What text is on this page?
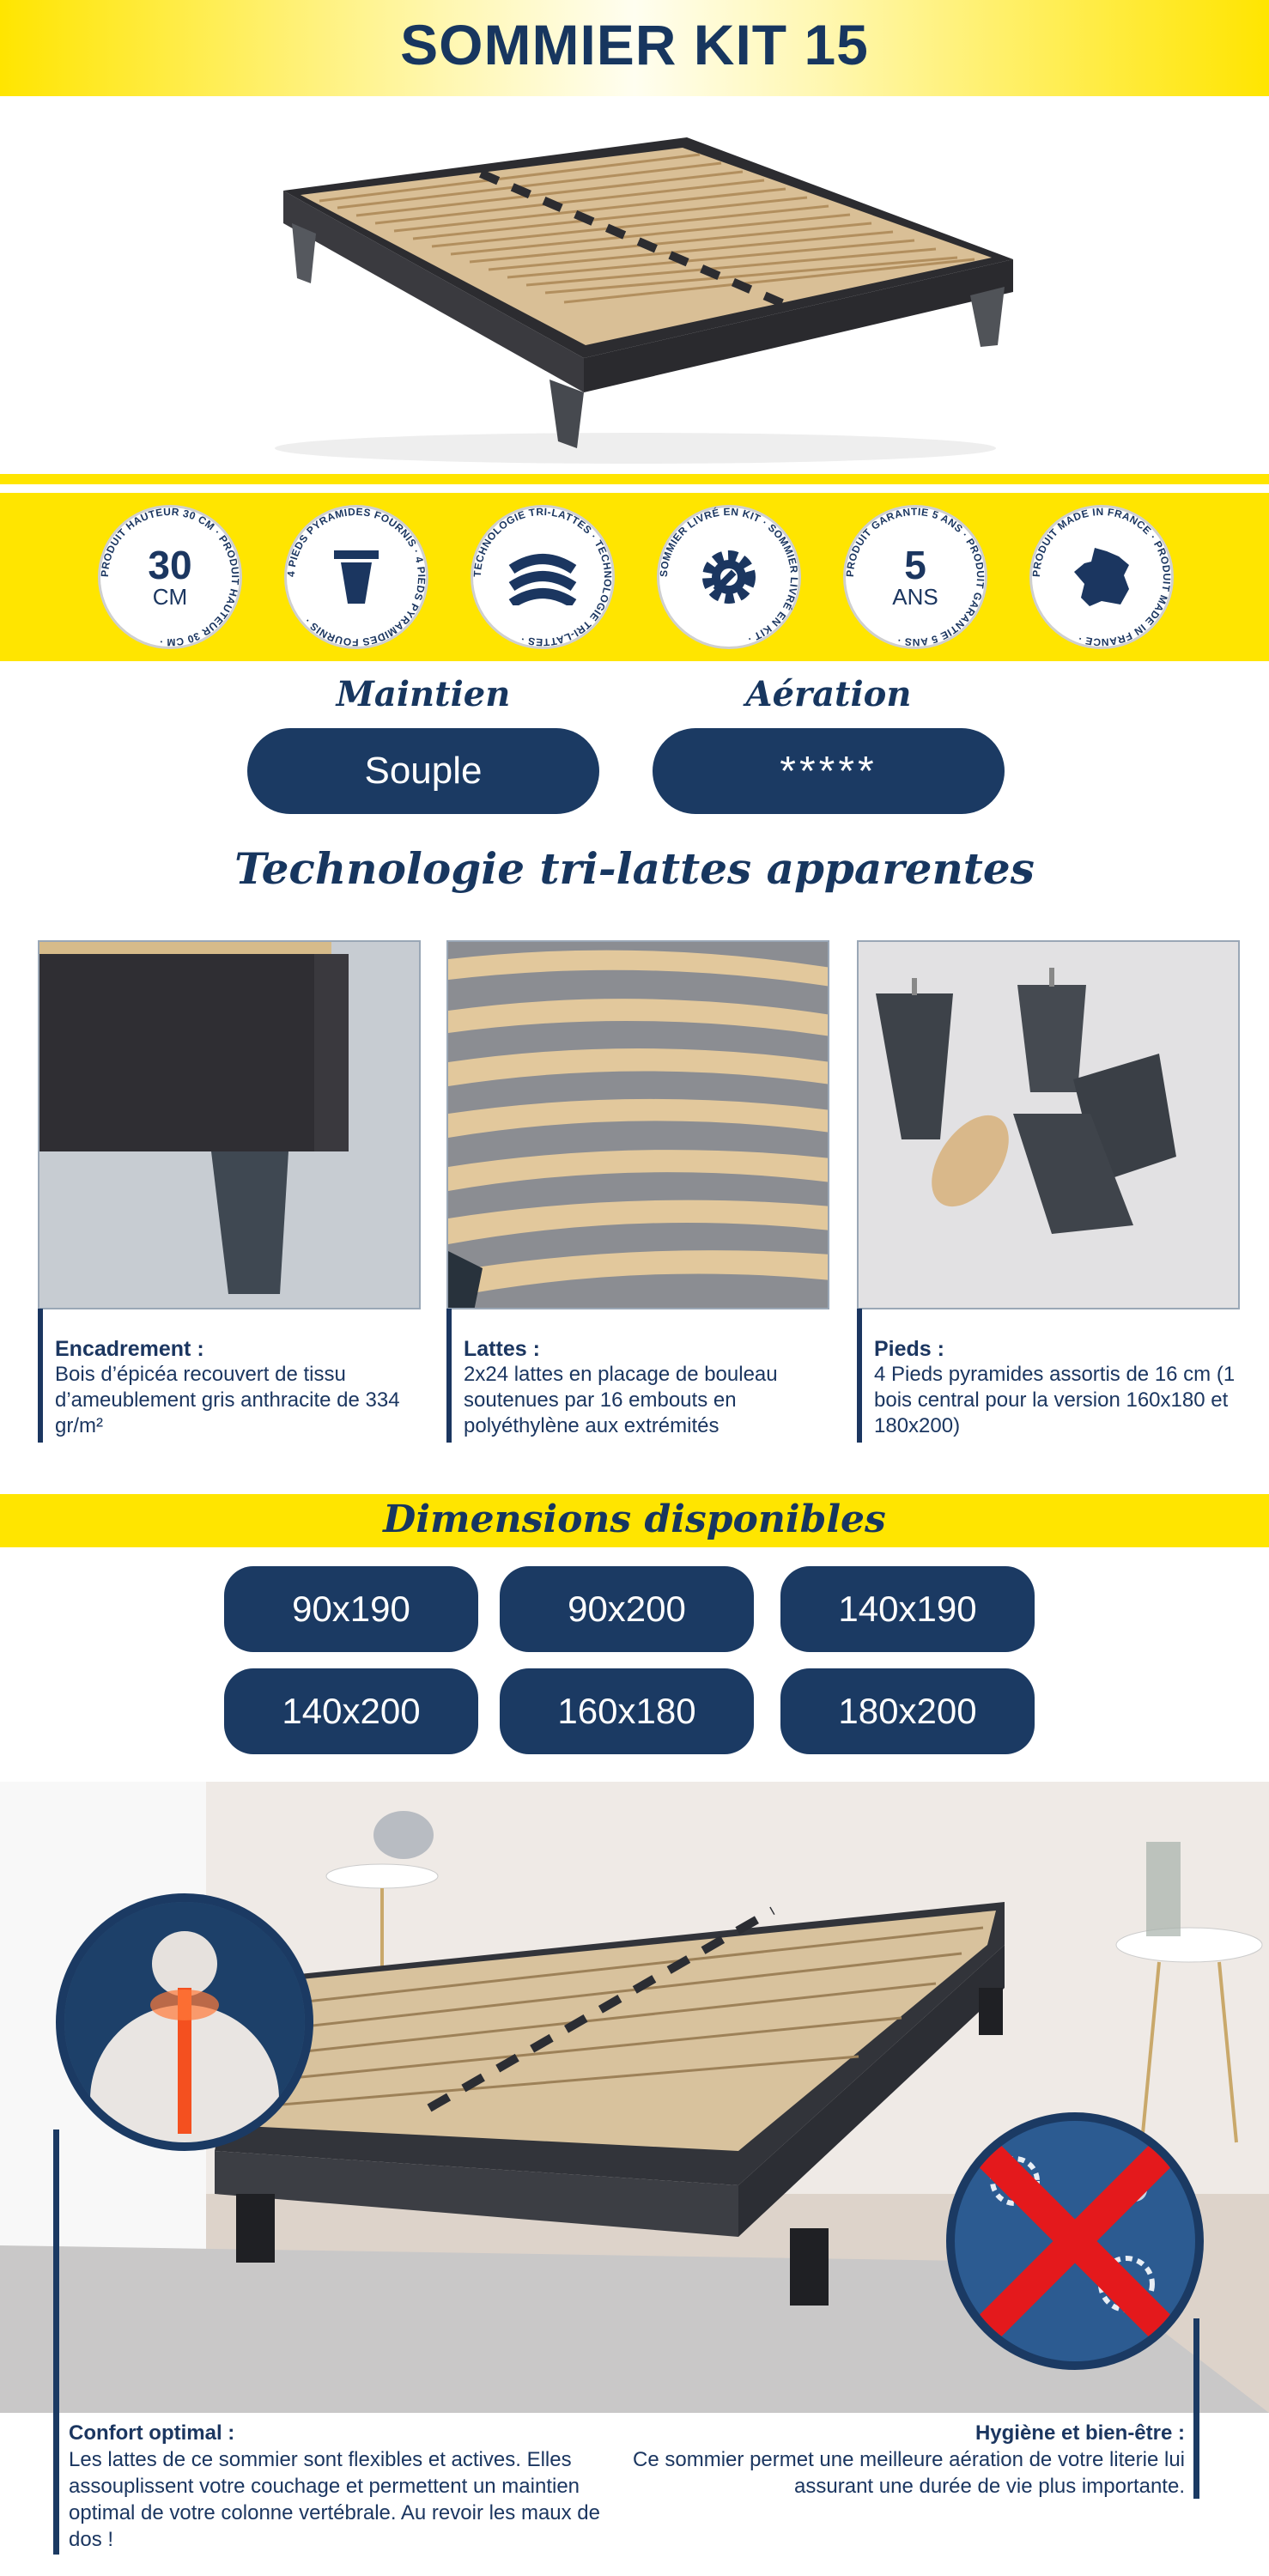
SOMMIER KIT 15
PRODUIT HAUTEUR 30 CM · PRODUIT HAUTEUR 30 CM ·
30
CM
4 PIEDS PYRAMIDES FOURNIS · 4 PIEDS PYRAMIDES FOURNIS ·
TECHNOLOGIE TRI-LATTES · TECHNOLOGIE TRI-LATTES ·
SOMMIER LIVRÉ EN KIT · SOMMIER LIVRÉ EN KIT ·
PRODUIT GARANTIE 5 ANS · PRODUIT GARANTIE 5 ANS ·
5
ANS
PRODUIT MADE IN FRANCE · PRODUIT MADE IN FRANCE ·
Maintien	Aération
Souple	*****
Technologie tri-lattes apparentes
Encadrement :
Bois d’épicéa recouvert de tissu d’ameublement gris anthracite de 334 gr/m²
Lattes :
2x24 lattes en placage de bouleau soutenues par 16 embouts en polyéthylène aux extrémités
Pieds :
4 Pieds pyramides assortis de 16 cm (1 bois central pour la version 160x180 et 180x200)
Dimensions disponibles
90x190	90x200	140x190
140x200	160x180	180x200
Confort optimal :
Les lattes de ce sommier sont flexibles et actives. Elles assouplissent votre couchage et permettent un maintien optimal de votre colonne vertébrale. Au revoir les maux de dos !
Hygiène et bien-être :
Ce sommier permet une meilleure aération de votre literie lui assurant une durée de vie plus importante.
